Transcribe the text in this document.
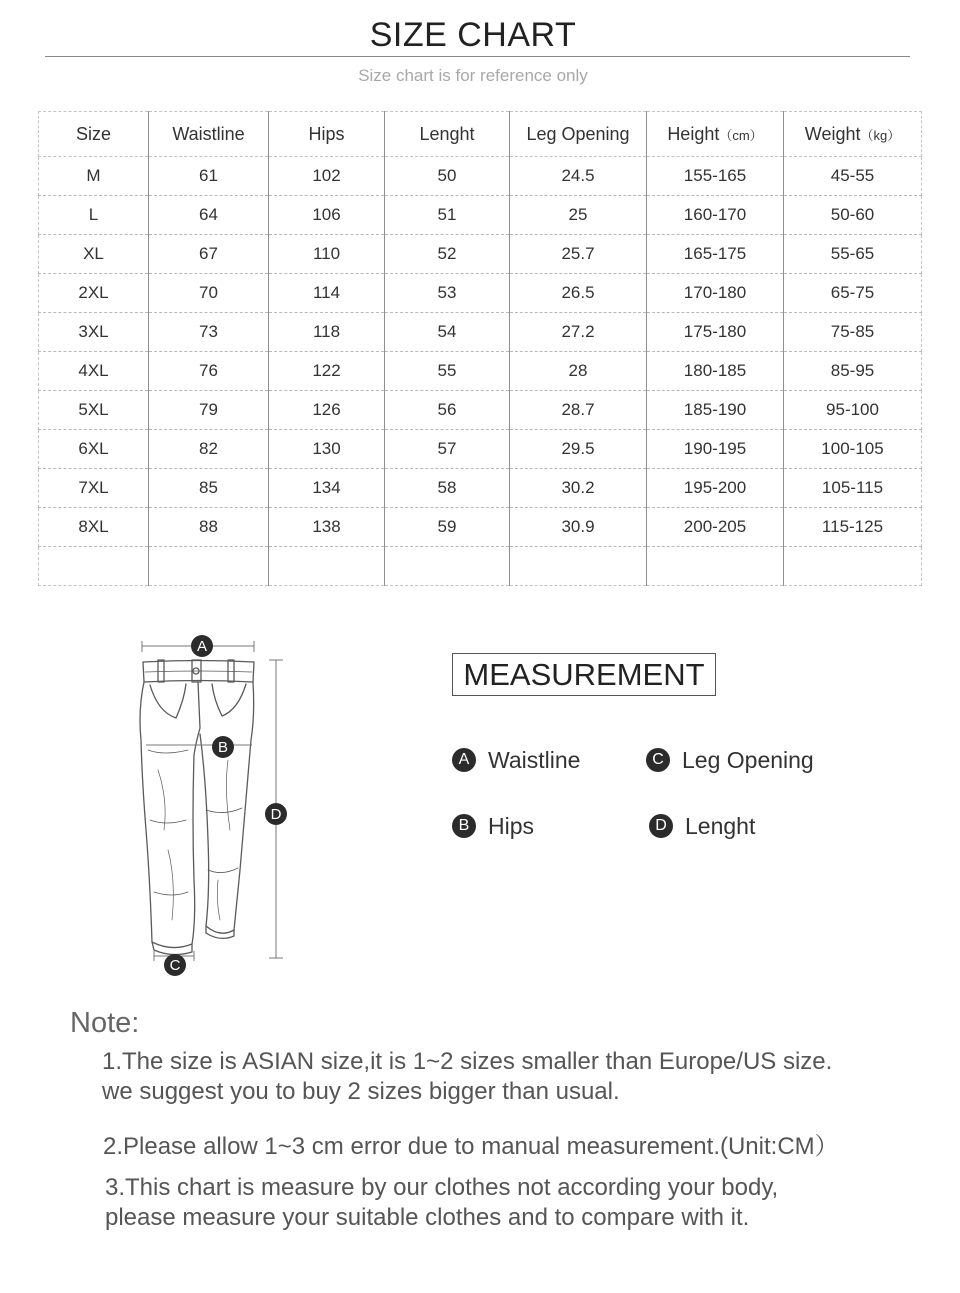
SIZE CHART
Size chart is for reference only
Size	Waistline	Hips	Lenght	Leg Opening	Height（cm）	Weight（kg）
M	61	102	50	24.5	155-165	45-55
L	64	106	51	25	160-170	50-60
XL	67	110	52	25.7	165-175	55-65
2XL	70	114	53	26.5	170-180	65-75
3XL	73	118	54	27.2	175-180	75-85
4XL	76	122	55	28	180-185	85-95
5XL	79	126	56	28.7	185-190	95-100
6XL	82	130	57	29.5	190-195	100-105
7XL	85	134	58	30.2	195-200	105-115
8XL	88	138	59	30.9	200-205	115-125

A
B
D
C
MEASUREMENT
A Waistline	C Leg Opening
B Hips	D Lenght
Note:
1.The size is ASIAN size,it is 1~2 sizes smaller than Europe/US size.
we suggest you to buy 2 sizes bigger than usual.
2.Please allow 1~3 cm error due to manual measurement.(Unit:CM）
3.This chart is measure by our clothes not according your body,
please measure your suitable clothes and to compare with it.
